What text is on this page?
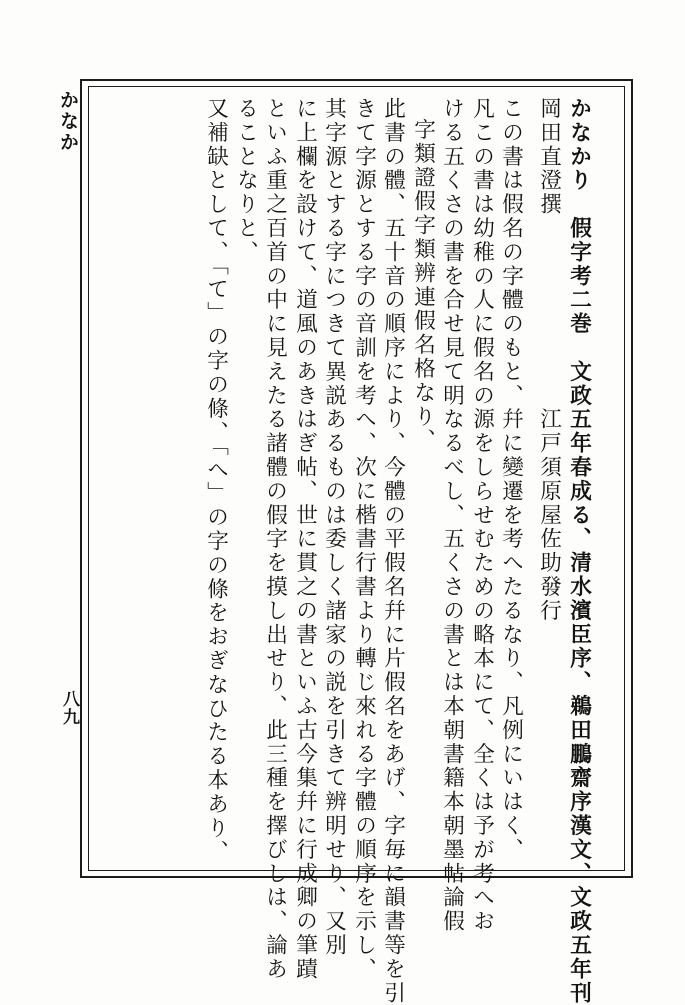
かなか
八九	かなかり　假字考二巻　文政五年春成る、清水濱臣序、鵜田鵬齋序漢文、文政五年刊
岡田直澄撰　　　　　　　　江戸須原屋佐助發行
この書は假名の字體のもと、幷に變遷を考へたるなり、凡例にいはく、
凡この書は幼稚の人に假名の源をしらせむための略本にて、全くは予が考へお
ける五くさの書を合せ見て明なるべし、五くさの書とは本朝書籍本朝墨帖論假
字類證假字類辨連假名格なり、
此書の體、五十音の順序により、今體の平假名幷に片假名をあげ、字毎に韻書等を引
きて字源とする字の音訓を考へ、次に楷書行書より轉じ來れる字體の順序を示し、
其字源とする字につきて異説あるものは委しく諸家の説を引きて辨明せり、又別
に上欄を設けて、道風のあきはぎ帖、世に貫之の書といふ古今集幷に行成卿の筆蹟
といふ重之百首の中に見えたる諸體の假字を摸し出せり、此三種を擇びしは、論あ
ることなりと、
又補缺として、「て」の字の條、「へ」の字の條をおぎなひたる本あり、
